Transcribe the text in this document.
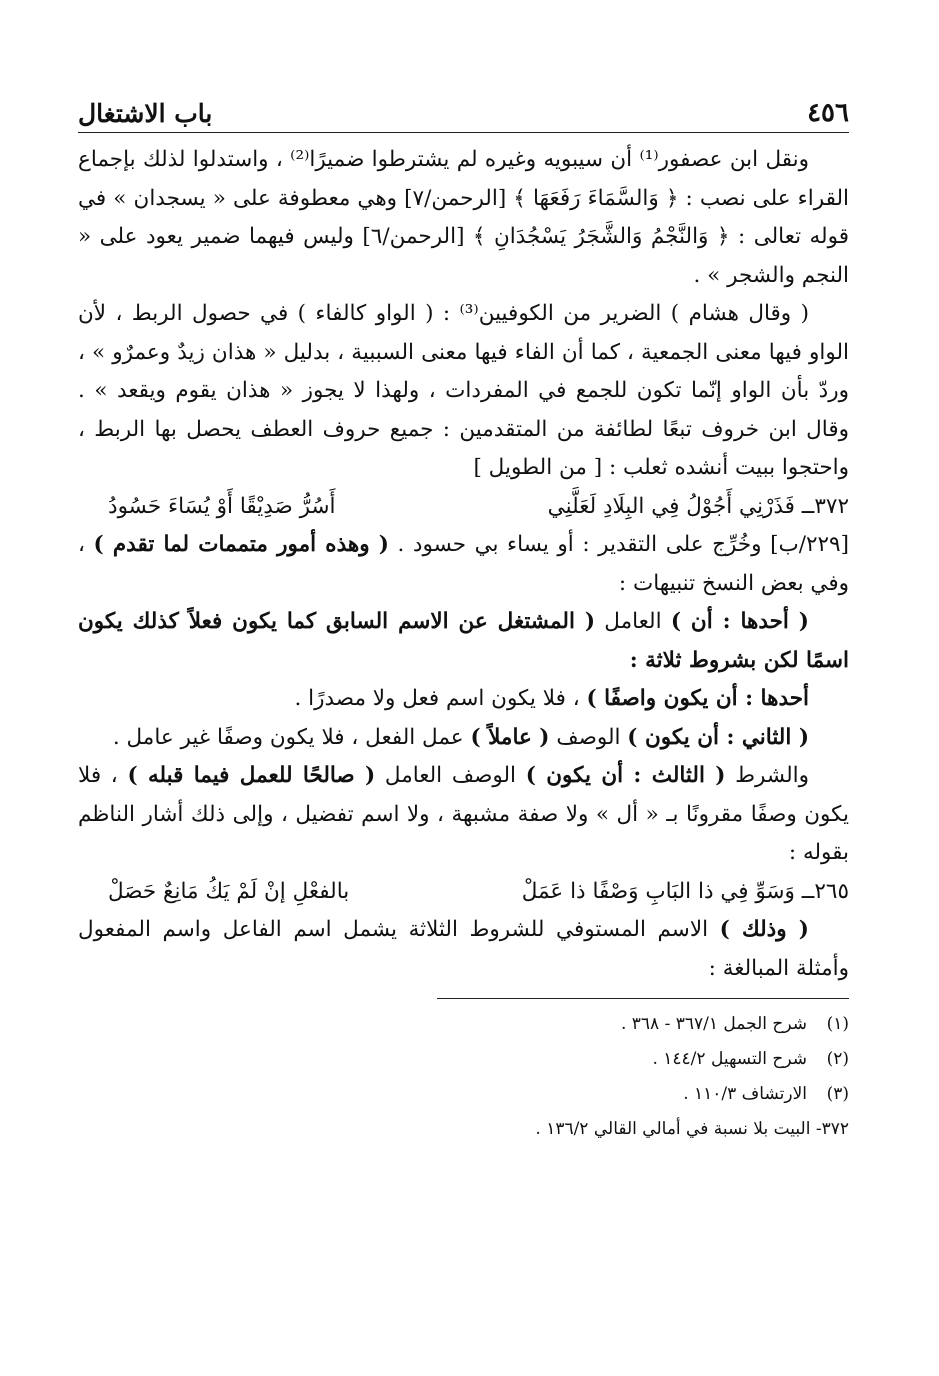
٤٥٦
باب الاشتغال

ونقل ابن عصفور⁽¹⁾ أن سيبويه وغيره لم يشترطوا ضميرًا⁽²⁾ ، واستدلوا لذلك بإجماع القراء على نصب : ﴿ وَالسَّمَاءَ رَفَعَهَا ﴾ [الرحمن/٧] وهي معطوفة على « يسجدان » في قوله تعالى : ﴿ وَالنَّجْمُ وَالشَّجَرُ يَسْجُدَانِ ﴾ [الرحمن/٦] وليس فيهما ضمير يعود على « النجم والشجر » .

( وقال هشام ) الضرير من الكوفيين⁽³⁾ : ( الواو كالفاء ) في حصول الربط ، لأن الواو فيها معنى الجمعية ، كما أن الفاء فيها معنى السببية ، بدليل « هذان زيدٌ وعمرٌو » ، وردّ بأن الواو إنّما تكون للجمع في المفردات ، ولهذا لا يجوز « هذان يقوم ويقعد » . وقال ابن خروف تبعًا لطائفة من المتقدمين : جميع حروف العطف يحصل بها الربط ، واحتجوا ببيت أنشده ثعلب : [ من الطويل ]

٣٧٢ــ فَذَرْنِي أَجُوْلُ فِي البِلَادِ لَعَلَّنِي
أَسُرُّ صَدِيْقًا أَوْ يُسَاءَ حَسُودُ

[٢٢٩/ب] وخُرِّج على التقدير : أو يساء بي حسود . ( وهذه أمور متممات لما تقدم ) ، وفي بعض النسخ تنبيهات :

( أحدها : أن ) العامل ( المشتغل عن الاسم السابق كما يكون فعلاً كذلك يكون اسمًا لكن بشروط ثلاثة :

أحدها : أن يكون واصفًا ) ، فلا يكون اسم فعل ولا مصدرًا .

( الثاني : أن يكون ) الوصف ( عاملاً ) عمل الفعل ، فلا يكون وصفًا غير عامل .

والشرط ( الثالث : أن يكون ) الوصف العامل ( صالحًا للعمل فيما قبله ) ، فلا يكون وصفًا مقرونًا بـ « أل » ولا صفة مشبهة ، ولا اسم تفضيل ، وإلى ذلك أشار الناظم بقوله :

٢٦٥ــ وَسَوِّ فِي ذا البَابِ وَصْفًا ذا عَمَلْ
بالفعْلِ إنْ لَمْ يَكُ مَانِعٌ حَصَلْ

( وذلك ) الاسم المستوفي للشروط الثلاثة يشمل اسم الفاعل واسم المفعول وأمثلة المبالغة :

(١)شرح الجمل ٣٦٧/١ - ٣٦٨ .

(٢)شرح التسهيل ١٤٤/٢ .

(٣)الارتشاف ١١٠/٣ .

٣٧٢- البيت بلا نسبة في أمالي القالي ١٣٦/٢ .
